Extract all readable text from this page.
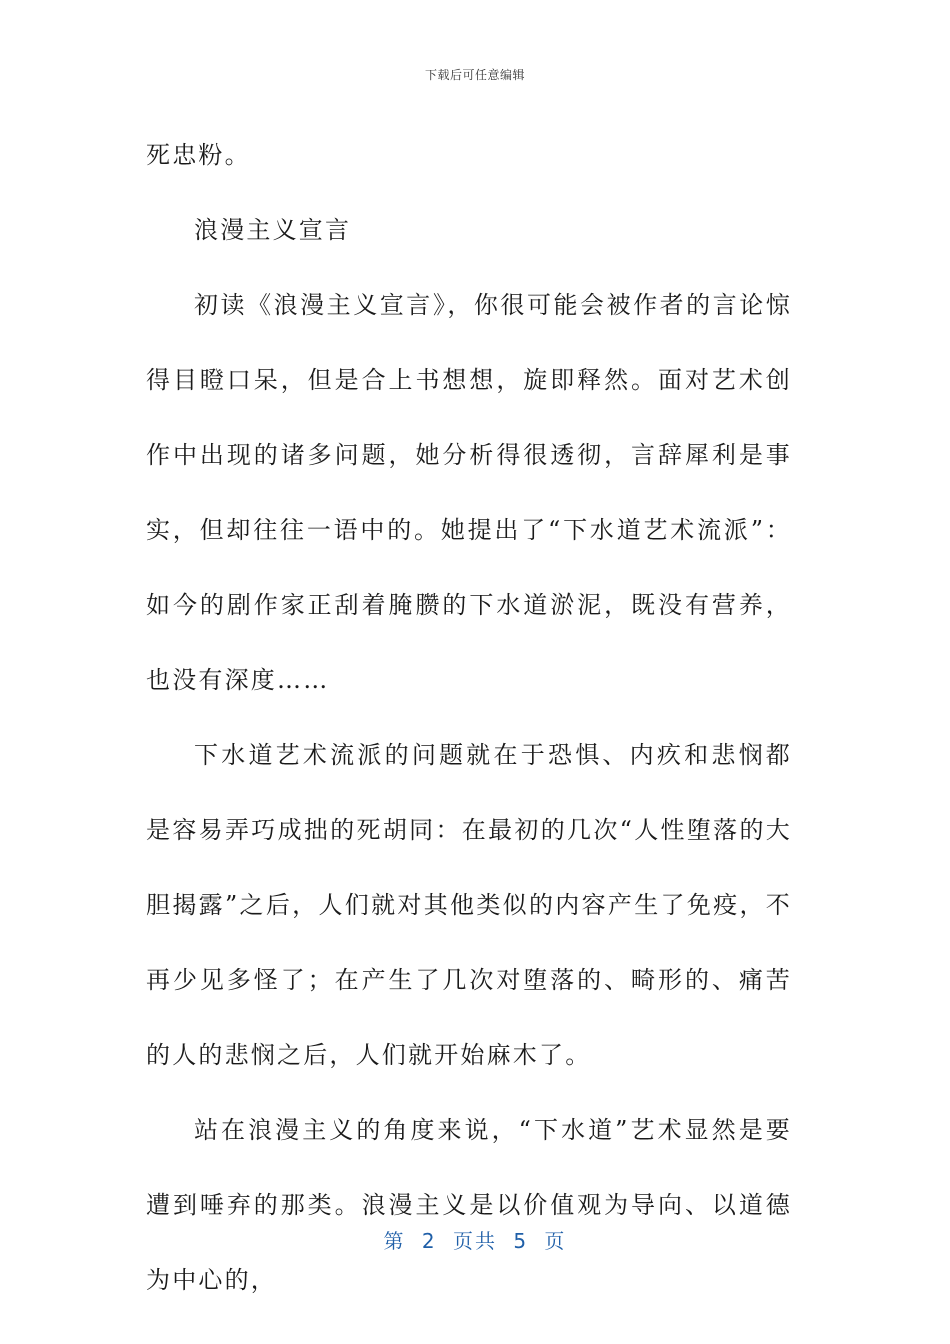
下载后可任意编辑

死忠粉。

浪漫主义宣言

初读《浪漫主义宣言》，你很可能会被作者的言论惊得目瞪口呆，但是合上书想想，旋即释然。面对艺术创作中出现的诸多问题，她分析得很透彻，言辞犀利是事实，但却往往一语中的。她提出了“下水道艺术流派”：如今的剧作家正刮着腌臜的下水道淤泥，既没有营养，也没有深度……

下水道艺术流派的问题就在于恐惧、内疚和悲悯都是容易弄巧成拙的死胡同：在最初的几次“人性堕落的大胆揭露”之后，人们就对其他类似的内容产生了免疫，不再少见多怪了；在产生了几次对堕落的、畸形的、痛苦的人的悲悯之后，人们就开始麻木了。

站在浪漫主义的角度来说，“下水道”艺术显然是要遭到唾弃的那类。浪漫主义是以价值观为导向、以道德为中心的，

第 2 页共 5 页
